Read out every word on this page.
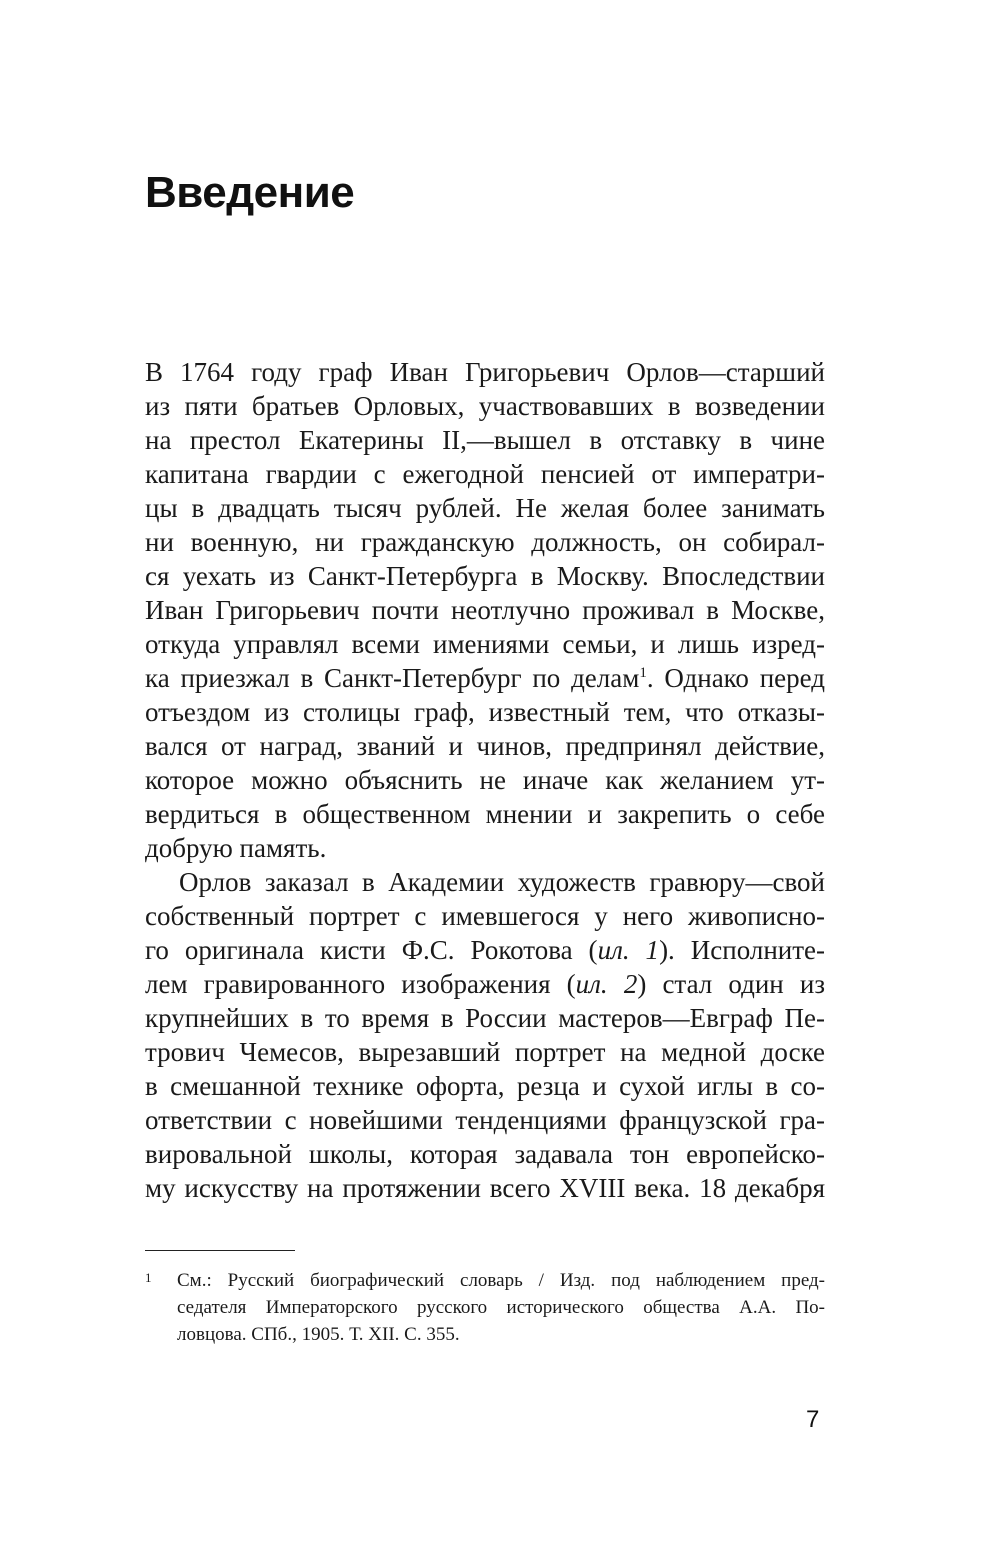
Введение
В 1764 году граф Иван Григорьевич Орлов—старший
из пяти братьев Орловых, участвовавших в возведении
на престол Екатерины II,—вышел в отставку в чине
капитана гвардии с ежегодной пенсией от императри-
цы в двадцать тысяч рублей. Не желая более занимать
ни военную, ни гражданскую должность, он собирал-
ся уехать из Санкт-Петербурга в Москву. Впоследствии
Иван Григорьевич почти неотлучно проживал в Москве,
откуда управлял всеми имениями семьи, и лишь изред-
ка приезжал в Санкт-Петербург по делам$^1$. Однако перед
отъездом из столицы граф, известный тем, что отказы-
вался от наград, званий и чинов, предпринял действие,
которое можно объяснить не иначе как желанием ут-
вердиться в общественном мнении и закрепить о себе
добрую память.
Орлов заказал в Академии художеств гравюру—свой
собственный портрет с имевшегося у него живописно-
го оригинала кисти Ф.С. Рокотова (ил. 1). Исполните-
лем гравированного изображения (ил. 2) стал один из
крупнейших в то время в России мастеров—Евграф Пе-
трович Чемесов, вырезавший портрет на медной доске
в смешанной технике офорта, резца и сухой иглы в со-
ответствии с новейшими тенденциями французской гра-
вировальной школы, которая задавала тон европейско-
му искусству на протяжении всего XVIII века. 18 декабря
1 См.: Русский биографический словарь / Изд. под наблюдением пред-
седателя Императорского русского исторического общества А.А. По-
ловцова. СПб., 1905. Т. XII. С. 355.
7
